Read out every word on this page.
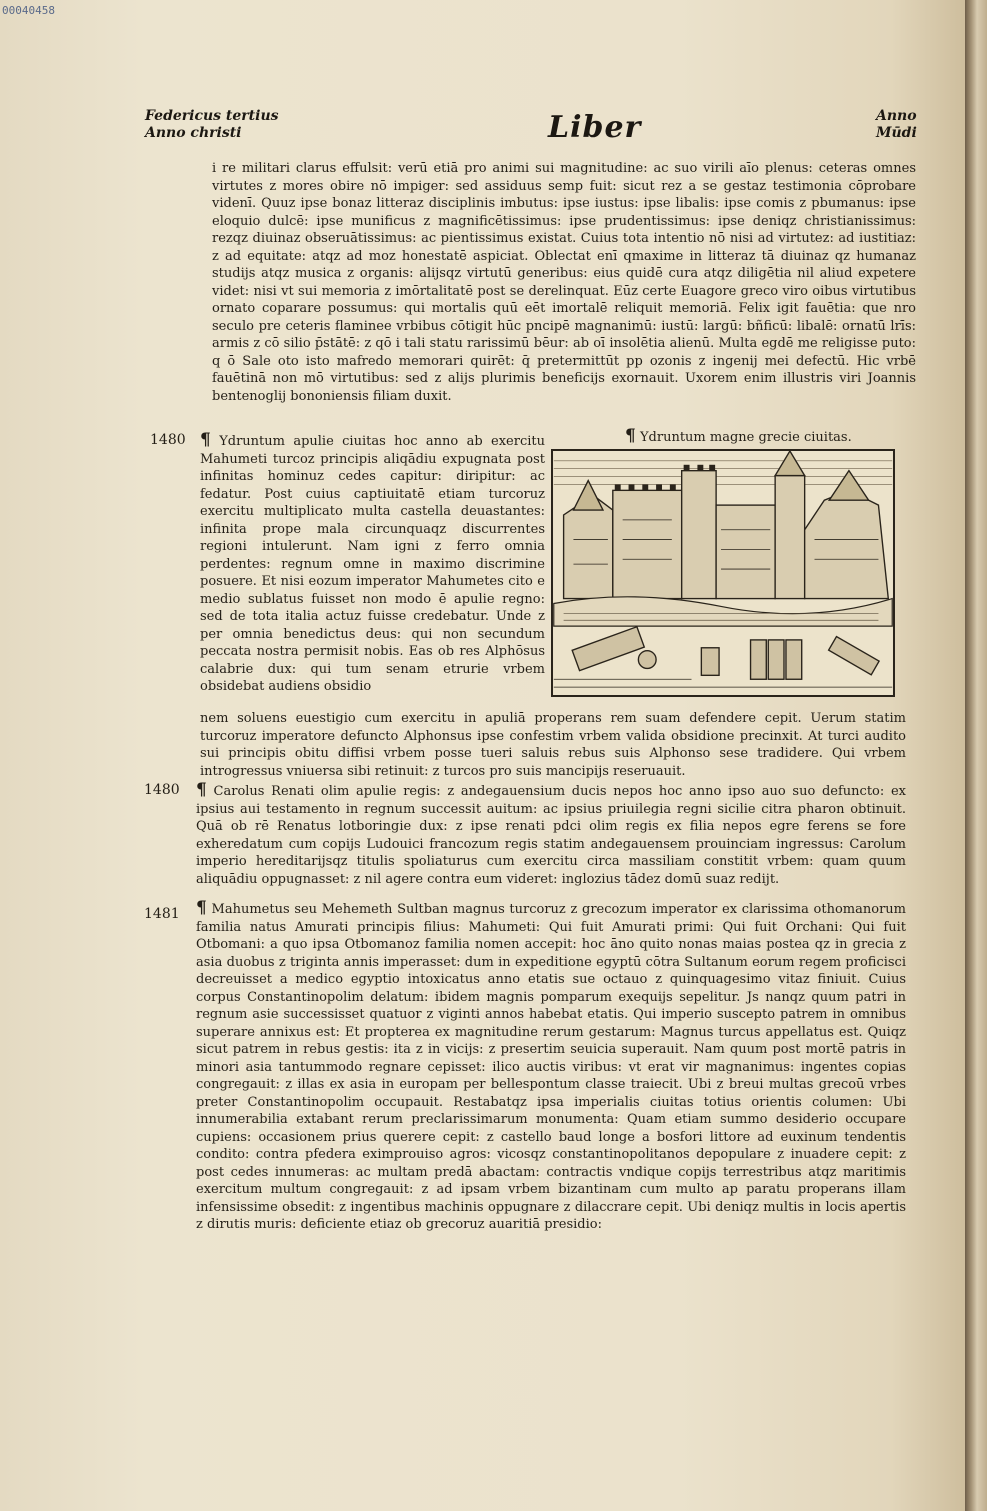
00040458
Federicus tertius
Anno christi	Liber	Anno
Mūdi

i re militari clarus effulsit: verū etiā pro animi sui magnitudine: ac suo virili aīo plenus: ceteras omnes virtutes z mores obire nō impiger: sed assiduus semp fuit: sicut rez a se gestaz testimonia cōprobare videnī. Quuz ipse bonaz litteraz disciplinis imbutus: ipse iustus: ipse libalis: ipse comis z pbumanus: ipse eloquio dulcē: ipse munificus z magnificētissimus: ipse prudentissimus: ipse deniqz christianissimus: rezqz diuinaz obseruātissimus: ac pientissimus existat. Cuius tota intentio nō nisi ad virtutez: ad iustitiaz: z ad equitate: atqz ad moz honestatē aspiciat. Oblectat enī qmaxime in litteraz tā diuinaz qz humanaz studijs atqz musica z organis: alijsqz virtutū generibus: eius quidē cura atqz diligētia nil aliud expetere videt: nisi vt sui memoria z imōrtalitatē post se derelinquat. Eūz certe Euagore greco viro oibus virtutibus ornato coparare possumus: qui mortalis quū eēt imortalē reliquit memoriā. Felix igit fauētia: que nro seculo pre ceteris flaminee vrbibus cōtigit hūc pncipē magnanimū: iustū: largū: bñficū: libalē: ornatū lrīs: armis z cō silio p̄stātē: z qō i tali statu rarissimū bēur: ab oī insolētia alienū. Multa egdē me religisse puto: q ō Sale oto isto mafredo memorari quirēt: q̄ pretermittūt pp ozonis z ingenij mei defectū. Hic vrbē fauētinā non mō virtutibus: sed z alijs plurimis beneficijs exornauit. Uxorem enim illustris viri Joannis bentenoglij bononiensis filiam duxit.

1480 ¶ Ydruntum apulie ciuitas hoc anno ab exercitu Mahumeti turcoz principis aliqādiu expugnata post infinitas hominuz cedes capitur: diripitur: ac fedatur. Post cuius captiuitatē etiam turcoruz exercitu multiplicato multa castella deuastantes: infinita prope mala circunquaqz discurrentes regioni intulerunt. Nam igni z ferro omnia perdentes: regnum omne in maximo discrimine posuere. Et nisi eozum imperator Mahumetes cito e medio sublatus fuisset non modo ē apulie regno: sed de tota italia actuz fuisse credebatur. Unde z per omnia benedictus deus: qui non secundum peccata nostra permisit nobis. Eas ob res Alphōsus calabrie dux: qui tum senam etrurie vrbem obsidebat audiens obsidio

¶ Ydruntum magne grecie ciuitas.

nem soluens euestigio cum exercitu in apuliā properans rem suam defendere cepit. Uerum statim turcoruz imperatore defuncto Alphonsus ipse confestim vrbem valida obsidione precinxit. At turci audito sui principis obitu diffisi vrbem posse tueri saluis rebus suis Alphonso sese tradidere. Qui vrbem introgressus vniuersa sibi retinuit: z turcos pro suis mancipijs reseruauit.

1480 ¶ Carolus Renati olim apulie regis: z andegauensium ducis nepos hoc anno ipso auo suo defuncto: ex ipsius aui testamento in regnum successit auitum: ac ipsius priuilegia regni sicilie citra pharon obtinuit. Quā ob rē Renatus lotboringie dux: z ipse renati pdci olim regis ex filia nepos egre ferens se fore exheredatum cum copijs Ludouici francozum regis statim andegauensem prouinciam ingressus: Carolum imperio hereditarijsqz titulis spoliaturus cum exercitu circa massiliam constitit vrbem: quam quum aliquādiu oppugnasset: z nil agere contra eum videret: inglozius tādez domū suaz redijt.

1481 ¶ Mahumetus seu Mehemeth Sultban magnus turcoruz z grecozum imperator ex clarissima othomanorum familia natus Amurati principis filius: Mahumeti: Qui fuit Amurati primi: Qui fuit Orchani: Qui fuit Otbomani: a quo ipsa Otbomanoz familia nomen accepit: hoc āno quito nonas maias postea qz in grecia z asia duobus z triginta annis imperasset: dum in expeditione egyptū cōtra Sultanum eorum regem proficisci decreuisset a medico egyptio intoxicatus anno etatis sue octauo z quinquagesimo vitaz finiuit. Cuius corpus Constantinopolim delatum: ibidem magnis pomparum exequijs sepelitur. Js nanqz quum patri in regnum asie successisset quatuor z viginti annos habebat etatis. Qui imperio suscepto patrem in omnibus superare annixus est: Et propterea ex magnitudine rerum gestarum: Magnus turcus appellatus est. Quiqz sicut patrem in rebus gestis: ita z in vicijs: z presertim seuicia superauit. Nam quum post mortē patris in minori asia tantummodo regnare cepisset: ilico auctis viribus: vt erat vir magnanimus: ingentes copias congregauit: z illas ex asia in europam per bellespontum classe traiecit. Ubi z breui multas grecoū vrbes preter Constantinopolim occupauit. Restabatqz ipsa imperialis ciuitas totius orientis columen: Ubi innumerabilia extabant rerum preclarissimarum monumenta: Quam etiam summo desiderio occupare cupiens: occasionem prius querere cepit: z castello baud longe a bosfori littore ad euxinum tendentis condito: contra pfedera eximprouiso agros: vicosqz constantinopolitanos depopulare z inuadere cepit: z post cedes innumeras: ac multam predā abactam: contractis vndique copijs terrestribus atqz maritimis exercitum multum congregauit: z ad ipsam vrbem bizantinam cum multo ap paratu properans illam infensissime obsedit: z ingentibus machinis oppugnare z dilaccrare cepit. Ubi deniqz multis in locis apertis z dirutis muris: deficiente etiaz ob grecoruz auaritiā presidio:
